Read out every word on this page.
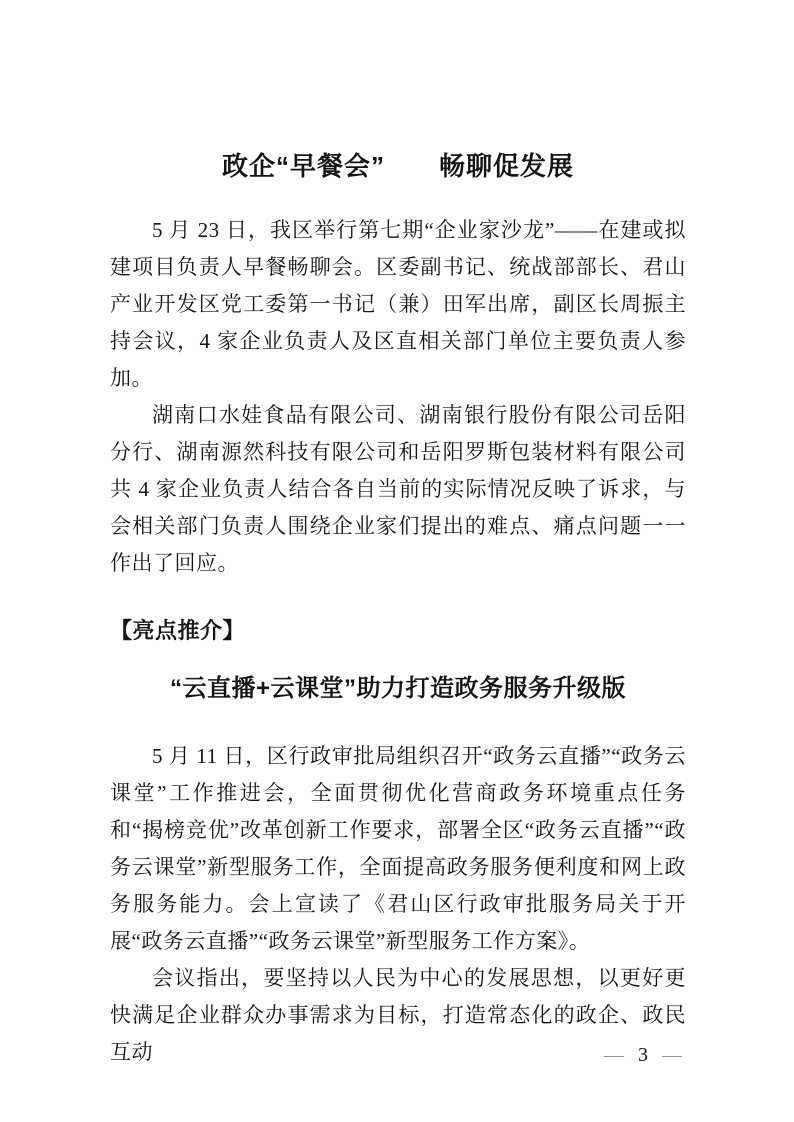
政企“早餐会”　　畅聊促发展

5 月 23 日，我区举行第七期“企业家沙龙”——在建或拟建项目负责人早餐畅聊会。区委副书记、统战部部长、君山产业开发区党工委第一书记（兼）田军出席，副区长周振主持会议，4 家企业负责人及区直相关部门单位主要负责人参加。

湖南口水娃食品有限公司、湖南银行股份有限公司岳阳分行、湖南源然科技有限公司和岳阳罗斯包装材料有限公司共 4 家企业负责人结合各自当前的实际情况反映了诉求，与会相关部门负责人围绕企业家们提出的难点、痛点问题一一作出了回应。

【亮点推介】
“云直播+云课堂”助力打造政务服务升级版

5 月 11 日，区行政审批局组织召开“政务云直播”“政务云课堂”工作推进会，全面贯彻优化营商政务环境重点任务和“揭榜竞优”改革创新工作要求，部署全区“政务云直播”“政务云课堂”新型服务工作，全面提高政务服务便利度和网上政务服务能力。会上宣读了《君山区行政审批服务局关于开展“政务云直播”“政务云课堂”新型服务工作方案》。

会议指出，要坚持以人民为中心的发展思想，以更好更快满足企业群众办事需求为目标，打造常态化的政企、政民互动	— 3 —
